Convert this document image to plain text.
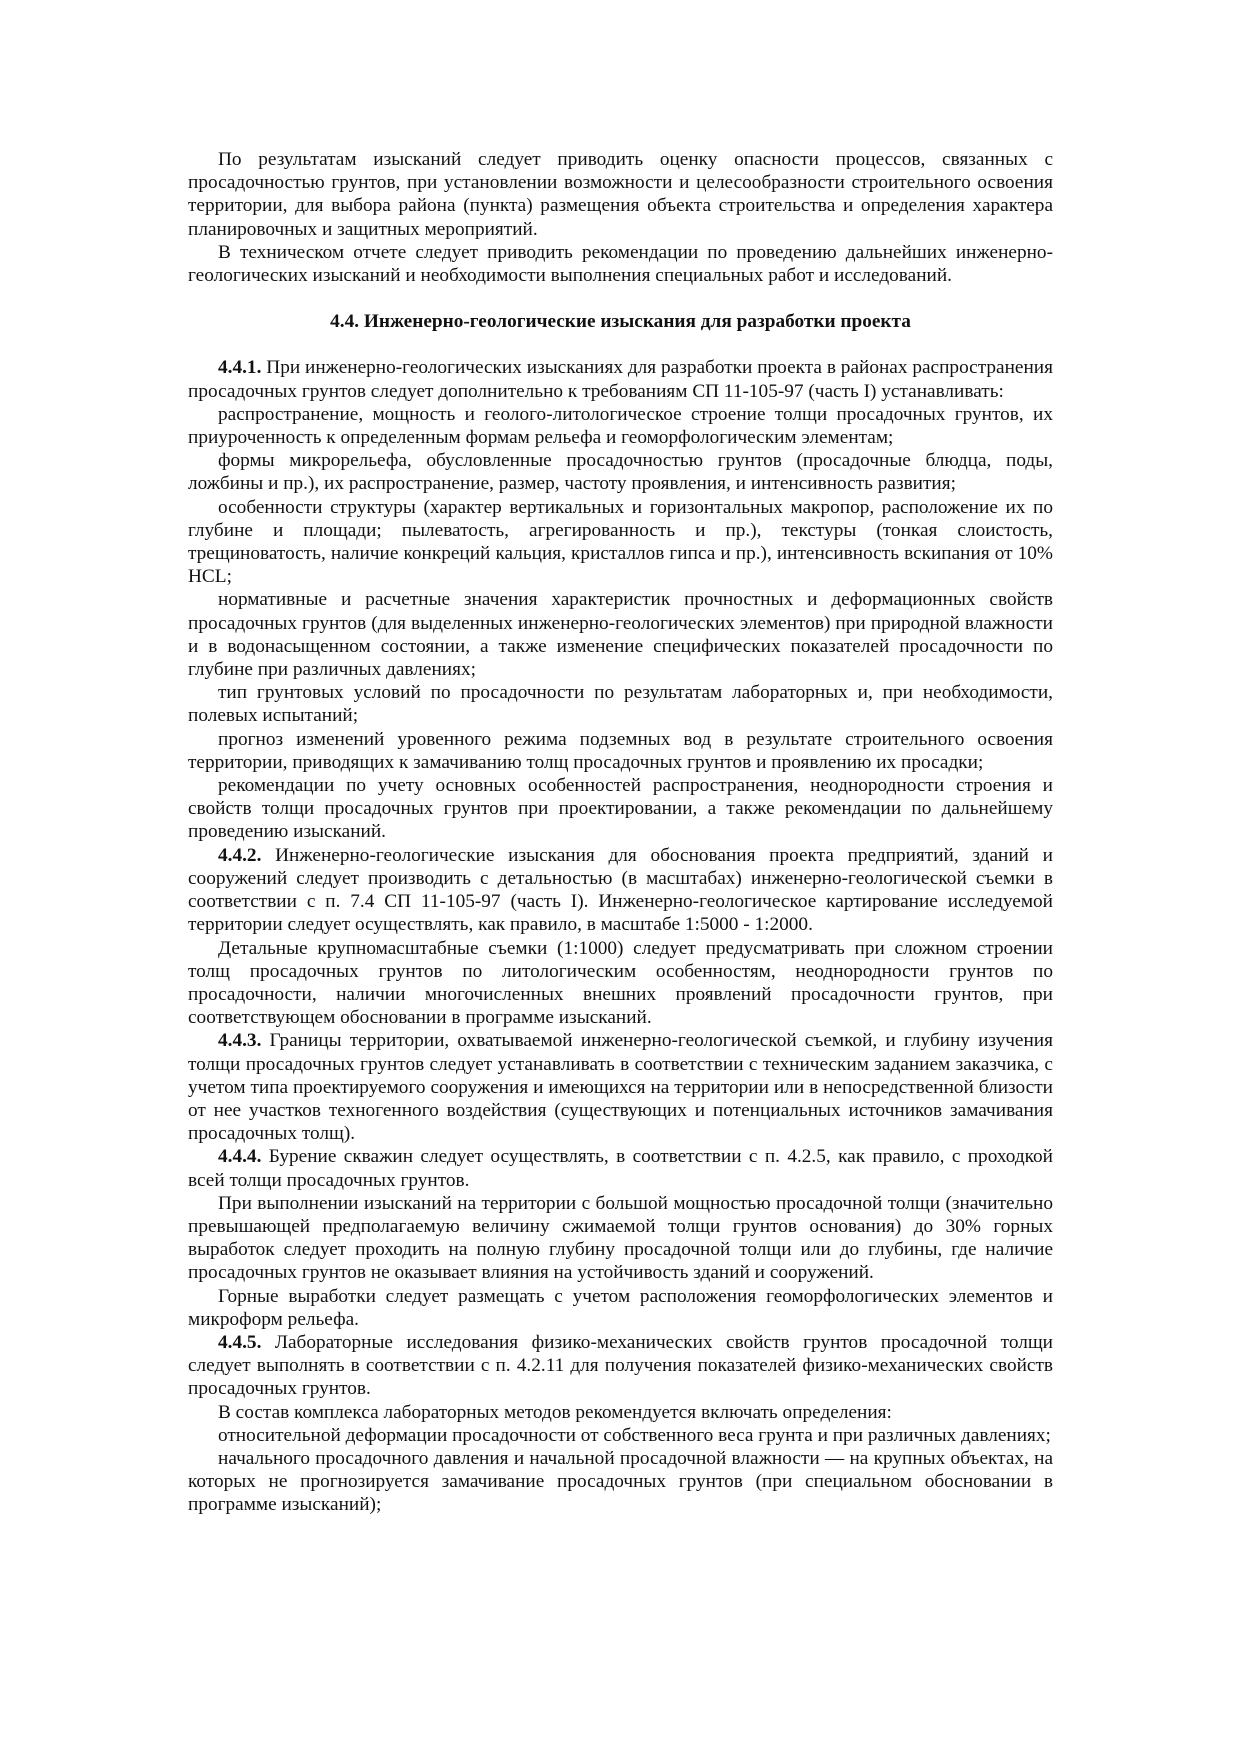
По результатам изысканий следует приводить оценку опасности процессов, связанных с просадочностью грунтов, при установлении возможности и целесообразности строительного освоения территории, для выбора района (пункта) размещения объекта строительства и определения характера планировочных и защитных мероприятий.

В техническом отчете следует приводить рекомендации по проведению дальнейших инженерно-геологических изысканий и необходимости выполнения специальных работ и исследований.

4.4. Инженерно-геологические изыскания для разработки проекта

4.4.1. При инженерно-геологических изысканиях для разработки проекта в районах распространения просадочных грунтов следует дополнительно к требованиям СП 11-105-97 (часть I) устанавливать:

распространение, мощность и геолого-литологическое строение толщи просадочных грунтов, их приуроченность к определенным формам рельефа и геоморфологическим элементам;

формы микрорельефа, обусловленные просадочностью грунтов (просадочные блюдца, поды, ложбины и пр.), их распространение, размер, частоту проявления, и интенсивность развития;

особенности структуры (характер вертикальных и горизонтальных макропор, расположение их по глубине и площади; пылеватость, агрегированность и пр.), текстуры (тонкая слоистость, трещиноватость, наличие конкреций кальция, кристаллов гипса и пр.), интенсивность вскипания от 10% HCL;

нормативные и расчетные значения характеристик прочностных и деформационных свойств просадочных грунтов (для выделенных инженерно-геологических элементов) при природной влажности и в водонасыщенном состоянии, а также изменение специфических показателей просадочности по глубине при различных давлениях;

тип грунтовых условий по просадочности по результатам лабораторных и, при необходимости, полевых испытаний;

прогноз изменений уровенного режима подземных вод в результате строительного освоения территории, приводящих к замачиванию толщ просадочных грунтов и проявлению их просадки;

рекомендации по учету основных особенностей распространения, неоднородности строения и свойств толщи просадочных грунтов при проектировании, а также рекомендации по дальнейшему проведению изысканий.

4.4.2. Инженерно-геологические изыскания для обоснования проекта предприятий, зданий и сооружений следует производить с детальностью (в масштабах) инженерно-геологической съемки в соответствии с п. 7.4 СП 11-105-97 (часть I). Инженерно-геологическое картирование исследуемой территории следует осуществлять, как правило, в масштабе 1:5000 - 1:2000.

Детальные крупномасштабные съемки (1:1000) следует предусматривать при сложном строении толщ просадочных грунтов по литологическим особенностям, неоднородности грунтов по просадочности, наличии многочисленных внешних проявлений просадочности грунтов, при соответствующем обосновании в программе изысканий.

4.4.3. Границы территории, охватываемой инженерно-геологической съемкой, и глубину изучения толщи просадочных грунтов следует устанавливать в соответствии с техническим заданием заказчика, с учетом типа проектируемого сооружения и имеющихся на территории или в непосредственной близости от нее участков техногенного воздействия (существующих и потенциальных источников замачивания просадочных толщ).

4.4.4. Бурение скважин следует осуществлять, в соответствии с п. 4.2.5, как правило, с проходкой всей толщи просадочных грунтов.

При выполнении изысканий на территории с большой мощностью просадочной толщи (значительно превышающей предполагаемую величину сжимаемой толщи грунтов основания) до 30% горных выработок следует проходить на полную глубину просадочной толщи или до глубины, где наличие просадочных грунтов не оказывает влияния на устойчивость зданий и сооружений.

Горные выработки следует размещать с учетом расположения геоморфологических элементов и микроформ рельефа.

4.4.5. Лабораторные исследования физико-механических свойств грунтов просадочной толщи следует выполнять в соответствии с п. 4.2.11 для получения показателей физико-механических свойств просадочных грунтов.

В состав комплекса лабораторных методов рекомендуется включать определения:

относительной деформации просадочности от собственного веса грунта и при различных давлениях;

начального просадочного давления и начальной просадочной влажности — на крупных объектах, на которых не прогнозируется замачивание просадочных грунтов (при специальном обосновании в программе изысканий);
